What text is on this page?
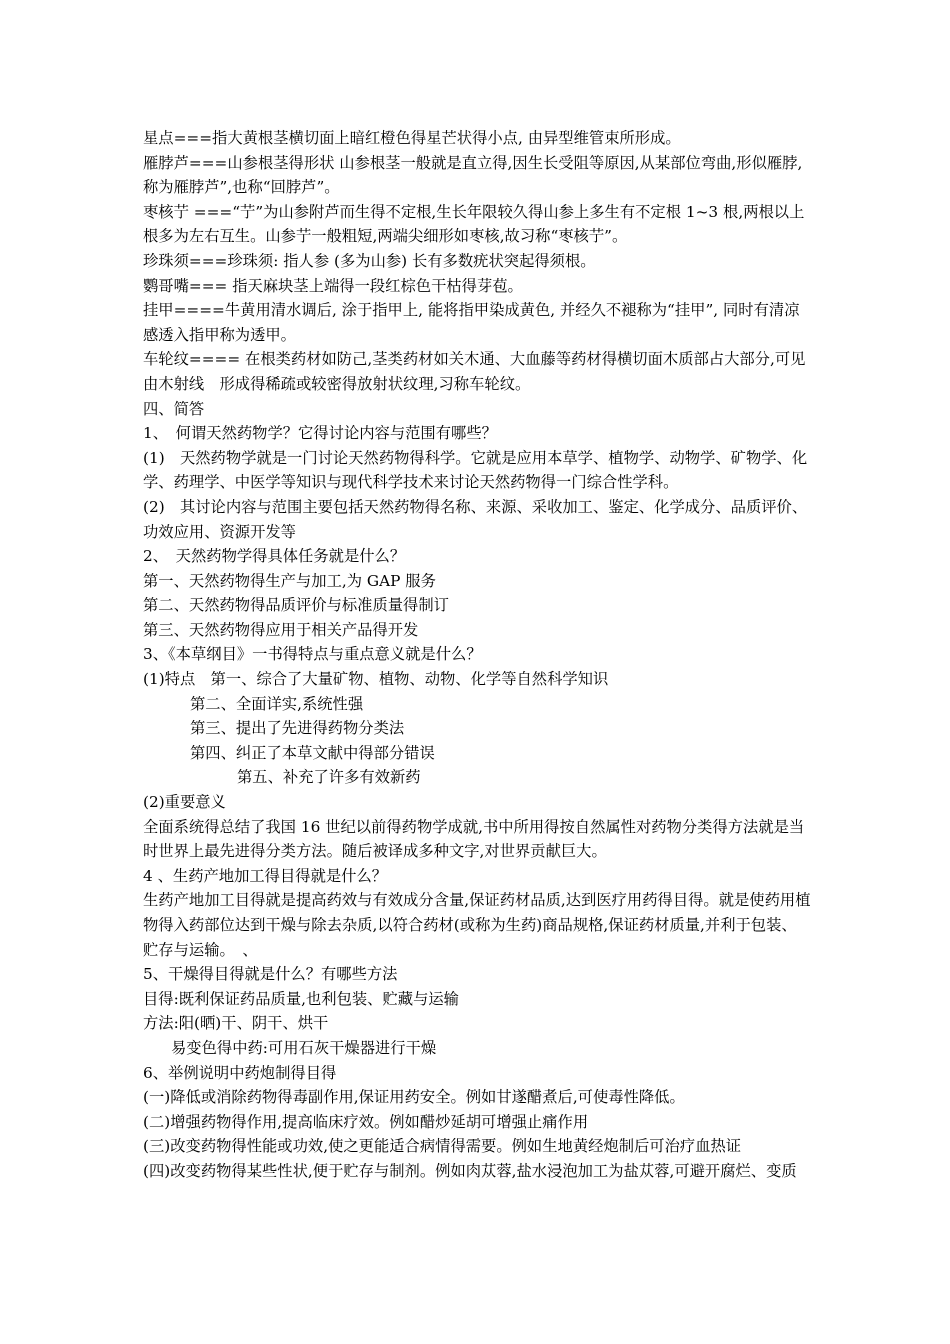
星点===指大黄根茎横切面上暗红橙色得星芒状得小点, 由异型维管束所形成。

雁脖芦===山参根茎得形状 山参根茎一般就是直立得,因生长受阻等原因,从某部位弯曲,形似雁脖,称为雁脖芦”,也称“回脖芦”。

枣核艼 ===“艼”为山参附芦而生得不定根,生长年限较久得山参上多生有不定根 1~3 根,两根以上根多为左右互生。山参艼一般粗短,两端尖细形如枣核,故习称“枣核艼”。

珍珠须===珍珠须: 指人参 (多为山参) 长有多数疣状突起得须根。

鹦哥嘴=== 指天麻块茎上端得一段红棕色干枯得芽苞。

挂甲====牛黄用清水调后, 涂于指甲上, 能将指甲染成黄色, 并经久不褪称为“挂甲”, 同时有清凉感透入指甲称为透甲。

车轮纹==== 在根类药材如防己,茎类药材如关木通、大血藤等药材得横切面木质部占大部分,可见由木射线　形成得稀疏或较密得放射状纹理,习称车轮纹。

四、简答

1、　何谓天然药物学？它得讨论内容与范围有哪些？

(1)　天然药物学就是一门讨论天然药物得科学。它就是应用本草学、植物学、动物学、矿物学、化学、药理学、中医学等知识与现代科学技术来讨论天然药物得一门综合性学科。

(2)　其讨论内容与范围主要包括天然药物得名称、来源、采收加工、鉴定、化学成分、品质评价、功效应用、资源开发等

2、　天然药物学得具体任务就是什么？

第一、天然药物得生产与加工,为 GAP 服务

第二、天然药物得品质评价与标准质量得制订

第三、天然药物得应用于相关产品得开发

3、《本草纲目》一书得特点与重点意义就是什么？

(1)特点　第一、综合了大量矿物、植物、动物、化学等自然科学知识

第二、全面详实,系统性强

第三、提出了先进得药物分类法

第四、纠正了本草文献中得部分错误

第五、补充了许多有效新药

(2)重要意义

全面系统得总结了我国 16 世纪以前得药物学成就,书中所用得按自然属性对药物分类得方法就是当时世界上最先进得分类方法。随后被译成多种文字,对世界贡献巨大。

4 、生药产地加工得目得就是什么？

生药产地加工目得就是提高药效与有效成分含量,保证药材品质,达到医疗用药得目得。就是使药用植物得入药部位达到干燥与除去杂质,以符合药材(或称为生药)商品规格,保证药材质量,并利于包装、贮存与运输。　、

5、干燥得目得就是什么？有哪些方法

目得:既利保证药品质量,也利包装、贮藏与运输

方法:阳(晒)干、阴干、烘干

易变色得中药:可用石灰干燥器进行干燥

6、举例说明中药炮制得目得

(一)降低或消除药物得毒副作用,保证用药安全。例如甘遂醋煮后,可使毒性降低。

(二)增强药物得作用,提高临床疗效。例如醋炒延胡可增强止痛作用

(三)改变药物得性能或功效,使之更能适合病情得需要。例如生地黄经炮制后可治疗血热证

(四)改变药物得某些性状,便于贮存与制剂。例如肉苁蓉,盐水浸泡加工为盐苁蓉,可避开腐烂、变质
